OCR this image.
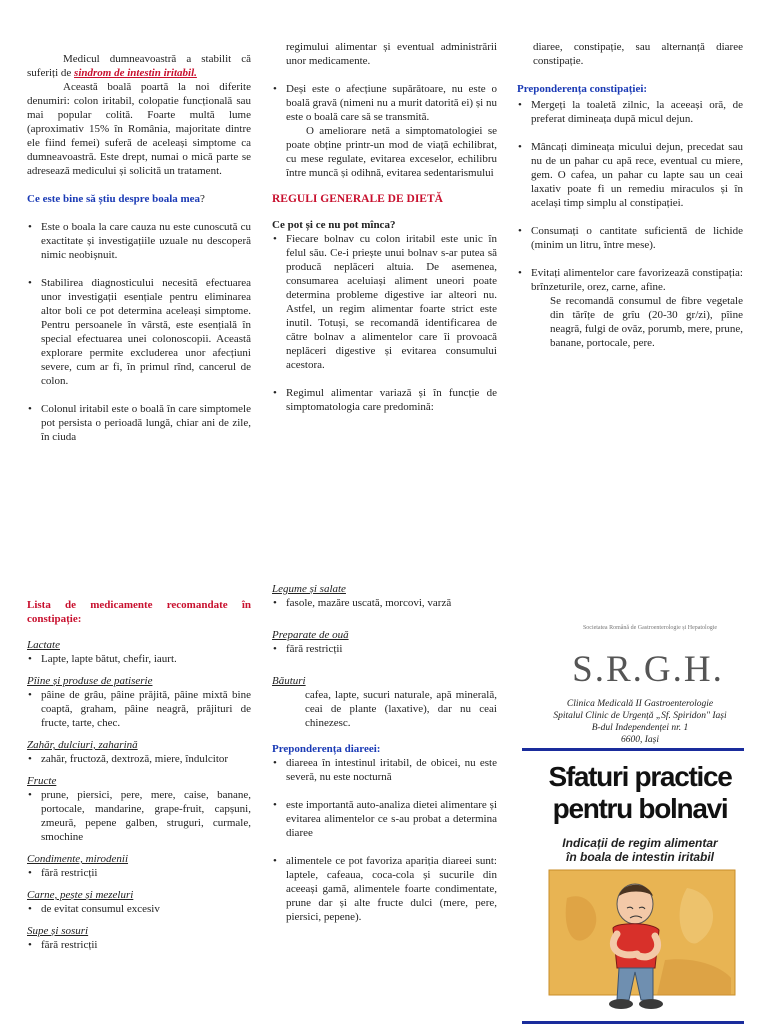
Medicul dumneavoastră a stabilit că suferiți de sindrom de intestin iritabil.

Această boală poartă la noi diferite denumiri: colon iritabil, colopatie funcțională sau mai popular colită. Foarte multă lume (aproximativ 15% în România, majoritate dintre ele fiind femei) suferă de aceleași simptome ca dumneavoastră. Este drept, numai o mică parte se adresează medicului și solicită un tratament.

Ce este bine să știu despre boala mea?

• Este o boala la care cauza nu este cunoscută cu exactitate și investigațiile uzuale nu descoperă nimic neobișnuit.
• Stabilirea diagnosticului necesită efectuarea unor investigații esențiale pentru eliminarea altor boli ce pot determina aceleași simptome. Pentru persoanele în vârstă, este esențială în special efectuarea unei colonoscopii. Această explorare permite excluderea unor afecțiuni severe, cum ar fi, în primul rînd, cancerul de colon.
• Colonul iritabil este o boală în care simptomele pot persista o perioadă lungă, chiar ani de zile, în ciuda

regimului alimentar și eventual administrării unor medicamente.

• Deși este o afecțiune supărătoare, nu este o boală gravă (nimeni nu a murit datorită ei) și nu este o boală care să se transmită.

O ameliorare netă a simptomatologiei se poate obține printr-un mod de viață echilibrat, cu mese regulate, evitarea exceselor, echilibru între muncă și odihnă, evitarea sedentarismului

REGULI GENERALE DE DIETĂ

Ce pot și ce nu pot mînca?

• Fiecare bolnav cu colon iritabil este unic în felul său. Ce-i priește unui bolnav s-ar putea să producă neplăceri altuia. De asemenea, consumarea aceluiași aliment uneori poate determina probleme digestive iar alteori nu. Astfel, un regim alimentar foarte strict este inutil. Totuși, se recomandă identificarea de către bolnav a alimentelor care îi provoacă neplăceri digestive și evitarea consumului acestora.
• Regimul alimentar variază și în funcție de simptomatologia care predomină:

diaree, constipație, sau alternanță diaree constipație.

Preponderența constipației:

• Mergeți la toaletă zilnic, la aceeași oră, de preferat dimineața după micul dejun.
• Mâncați dimineața micului dejun, precedat sau nu de un pahar cu apă rece, eventual cu miere, gem. O cafea, un pahar cu lapte sau un ceai laxativ poate fi un remediu miraculos și în același timp simplu al constipației.
• Consumați o cantitate suficientă de lichide (minim un litru, între mese).
• Evitați alimentelor care favorizează constipația: brînzeturile, orez, carne, afine.

Se recomandă consumul de fibre vegetale din tărîțe de grîu (20-30 gr/zi), pîine neagră, fulgi de ovăz, porumb, mere, prune, banane, portocale, pere.

Lista de medicamente recomandate în constipație:

Lactate

• Lapte, lapte bătut, chefir, iaurt.

Pîine și produse de patiserie

• pâine de grâu, pâine prăjită, pâine mixtă bine coaptă, graham, pâine neagră, prăjituri de fructe, tarte, chec.

Zahăr, dulciuri, zaharină

• zahăr, fructoză, dextroză, miere, îndulcitor

Fructe

• prune, piersici, pere, mere, caise, banane, portocale, mandarine, grape-fruit, capșuni, zmeură, pepene galben, struguri, curmale, smochine

Condimente, mirodenii

• fără restricții

Carne, pește și mezeluri

• de evitat consumul excesiv

Supe și sosuri

• fără restricții

Legume și salate

• fasole, mazăre uscată, morcovi, varză

Preparate de ouă

• fără restricții

Băuturi

cafea, lapte, sucuri naturale, apă minerală, ceai de plante (laxative), dar nu ceai chinezesc.

Preponderența diareei:

• diareea în intestinul iritabil, de obicei, nu este severă, nu este nocturnă
• este importantă auto-analiza dietei alimentare și evitarea alimentelor ce s-au probat a determina diaree
• alimentele ce pot favoriza apariția diareei sunt: laptele, cafeaua, coca-cola și sucurile din aceeași gamă, alimentele foarte condimentate, prune dar și alte fructe dulci (mere, pere, piersici, pepene).
Societatea Română de Gastroenterologie și Hepatologie
S.R.G.H.
Clinica Medicală II Gastroenterologie
Spitalul Clinic de Urgență „Sf. Spiridon" Iași
B-dul Independenței nr. 1
6600, Iași
Sfaturi practice
pentru bolnavi
Indicații de regim alimentar
în boala de intestin iritabil
